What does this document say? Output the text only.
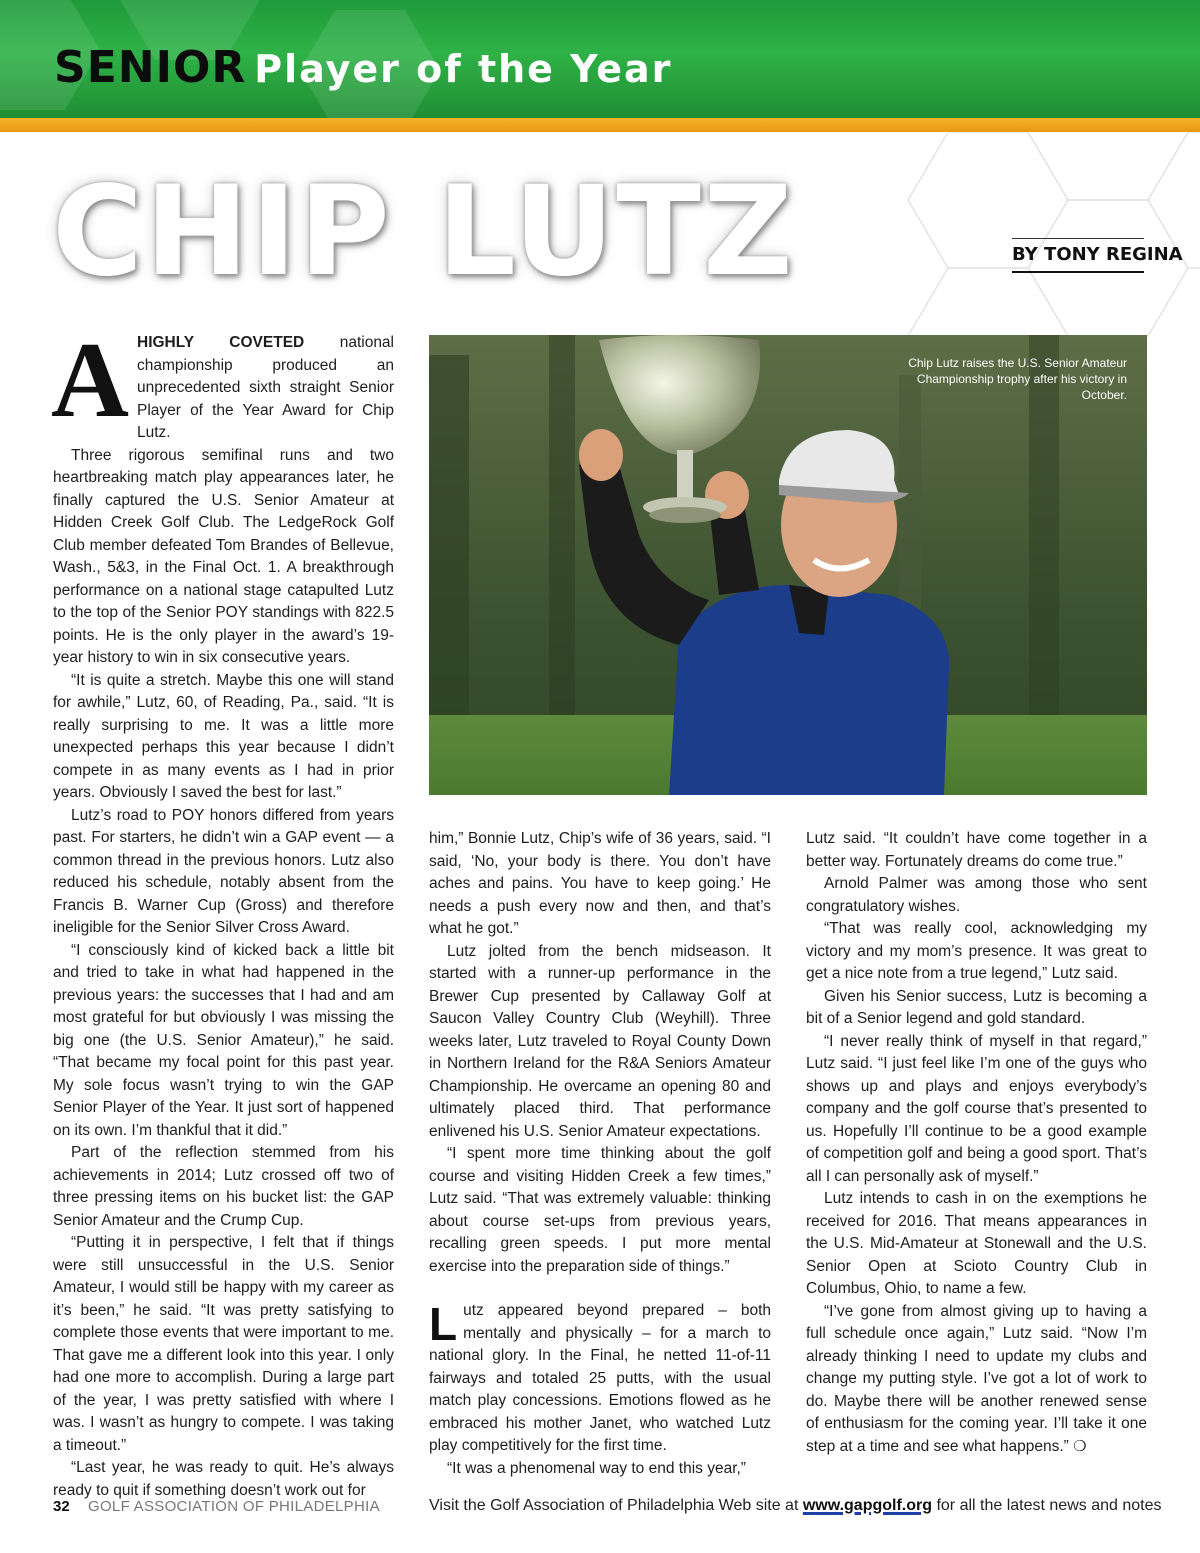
SENIOR Player of the Year
CHIP LUTZ	BY TONY REGINA

AHIGHLY COVETED national championship produced an unprecedented sixth straight Senior Player of the Year Award for Chip Lutz.

Three rigorous semifinal runs and two heartbreaking match play appearances later, he finally captured the U.S. Senior Amateur at Hidden Creek Golf Club. The LedgeRock Golf Club member defeated Tom Brandes of Bellevue, Wash., 5&3, in the Final Oct. 1. A breakthrough performance on a national stage catapulted Lutz to the top of the Senior POY standings with 822.5 points. He is the only player in the award’s 19-year history to win in six consecutive years.

“It is quite a stretch. Maybe this one will stand for awhile,” Lutz, 60, of Reading, Pa., said. “It is really surprising to me. It was a little more unexpected perhaps this year because I didn’t compete in as many events as I had in prior years. Obviously I saved the best for last.”

Lutz’s road to POY honors differed from years past. For starters, he didn’t win a GAP event — a common thread in the previous honors. Lutz also reduced his schedule, notably absent from the Francis B. Warner Cup (Gross) and therefore ineligible for the Senior Silver Cross Award.

“I consciously kind of kicked back a little bit and tried to take in what had happened in the previous years: the successes that I had and am most grateful for but obviously I was missing the big one (the U.S. Senior Amateur),” he said. “That became my focal point for this past year. My sole focus wasn’t trying to win the GAP Senior Player of the Year. It just sort of happened on its own. I’m thankful that it did.”

Part of the reflection stemmed from his achievements in 2014; Lutz crossed off two of three pressing items on his bucket list: the GAP Senior Amateur and the Crump Cup.

“Putting it in perspective, I felt that if things were still unsuccessful in the U.S. Senior Amateur, I would still be happy with my career as it’s been,” he said. “It was pretty satisfying to complete those events that were important to me. That gave me a different look into this year. I only had one more to accomplish. During a large part of the year, I was pretty satisfied with where I was. I wasn’t as hungry to compete. I was taking a timeout.”

“Last year, he was ready to quit. He’s always ready to quit if something doesn’t work out for

Chip Lutz raises the U.S. Senior Amateur Championship trophy after his victory in October.

him,” Bonnie Lutz, Chip’s wife of 36 years, said. “I said, ‘No, your body is there. You don’t have aches and pains. You have to keep going.’ He needs a push every now and then, and that’s what he got.”

Lutz jolted from the bench midseason. It started with a runner-up performance in the Brewer Cup presented by Callaway Golf at Saucon Valley Country Club (Weyhill). Three weeks later, Lutz traveled to Royal County Down in Northern Ireland for the R&A Seniors Amateur Championship. He overcame an opening 80 and ultimately placed third. That performance enlivened his U.S. Senior Amateur expectations.

“I spent more time thinking about the golf course and visiting Hidden Creek a few times,” Lutz said. “That was extremely valuable: thinking about course set-ups from previous years, recalling green speeds. I put more mental exercise into the preparation side of things.”

Lutz appeared beyond prepared – both mentally and physically – for a march to national glory. In the Final, he netted 11-of-11 fairways and totaled 25 putts, with the usual match play concessions. Emotions flowed as he embraced his mother Janet, who watched Lutz play competitively for the first time.

“It was a phenomenal way to end this year,”

Lutz said. “It couldn’t have come together in a better way. Fortunately dreams do come true.”

Arnold Palmer was among those who sent congratulatory wishes.

“That was really cool, acknowledging my victory and my mom’s presence. It was great to get a nice note from a true legend,” Lutz said.

Given his Senior success, Lutz is becoming a bit of a Senior legend and gold standard.

“I never really think of myself in that regard,” Lutz said. “I just feel like I’m one of the guys who shows up and plays and enjoys everybody’s company and the golf course that’s presented to us. Hopefully I’ll continue to be a good example of competition golf and being a good sport. That’s all I can personally ask of myself.”

Lutz intends to cash in on the exemptions he received for 2016. That means appearances in the U.S. Mid-Amateur at Stonewall and the U.S. Senior Open at Scioto Country Club in Columbus, Ohio, to name a few.

“I’ve gone from almost giving up to having a full schedule once again,” Lutz said. “Now I’m already thinking I need to update my clubs and change my putting style. I’ve got a lot of work to do. Maybe there will be another renewed sense of enthusiasm for the coming year. I’ll take it one step at a time and see what happens.” ❍

32 GOLF ASSOCIATION OF PHILADELPHIA	Visit the Golf Association of Philadelphia Web site at www.gapgolf.org for all the latest news and notes
